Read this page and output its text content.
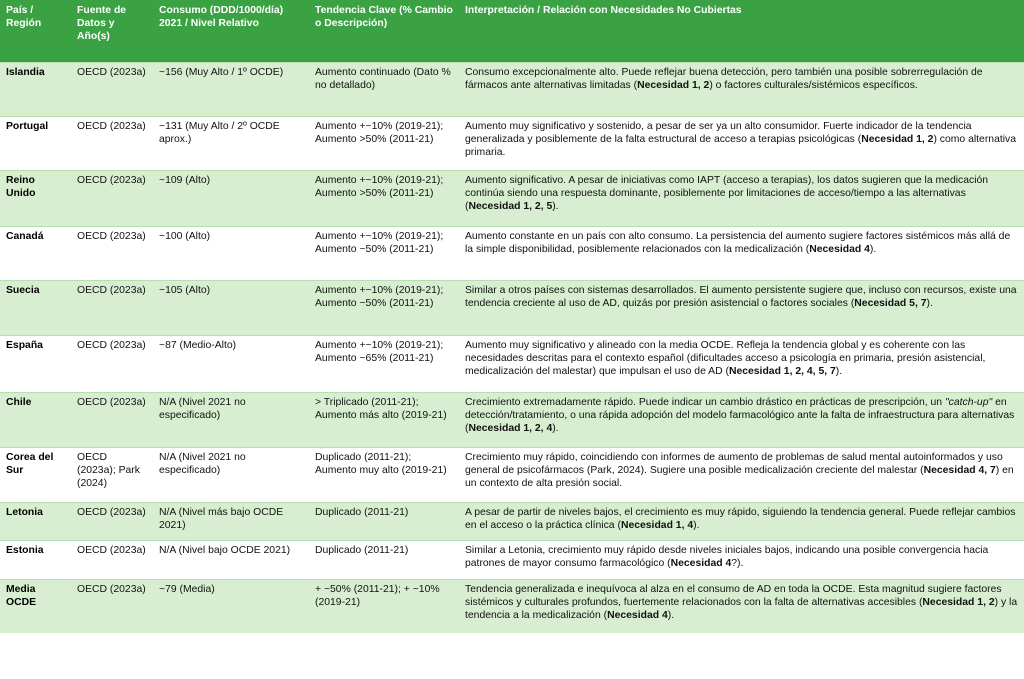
País / Región	Fuente de Datos y Año(s)	Consumo (DDD/1000/día) 2021 / Nivel Relativo	Tendencia Clave (% Cambio o Descripción)	Interpretación / Relación con Necesidades No Cubiertas
Islandia	OECD (2023a)	~156 (Muy Alto / 1º OCDE)	Aumento continuado (Dato % no detallado)	Consumo excepcionalmente alto. Puede reflejar buena detección, pero también una posible sobrerregulación de fármacos ante alternativas limitadas (Necesidad 1, 2) o factores culturales/sistémicos específicos.
Portugal	OECD (2023a)	~131 (Muy Alto / 2º OCDE aprox.)	Aumento +~10% (2019-21); Aumento >50% (2011-21)	Aumento muy significativo y sostenido, a pesar de ser ya un alto consumidor. Fuerte indicador de la tendencia generalizada y posiblemente de la falta estructural de acceso a terapias psicológicas (Necesidad 1, 2) como alternativa primaria.
Reino Unido	OECD (2023a)	~109 (Alto)	Aumento +~10% (2019-21); Aumento >50% (2011-21)	Aumento significativo. A pesar de iniciativas como IAPT (acceso a terapias), los datos sugieren que la medicación continúa siendo una respuesta dominante, posiblemente por limitaciones de acceso/tiempo a las alternativas (Necesidad 1, 2, 5).
Canadá	OECD (2023a)	~100 (Alto)	Aumento +~10% (2019-21); Aumento ~50% (2011-21)	Aumento constante en un país con alto consumo. La persistencia del aumento sugiere factores sistémicos más allá de la simple disponibilidad, posiblemente relacionados con la medicalización (Necesidad 4).
Suecia	OECD (2023a)	~105 (Alto)	Aumento +~10% (2019-21); Aumento ~50% (2011-21)	Similar a otros países con sistemas desarrollados. El aumento persistente sugiere que, incluso con recursos, existe una tendencia creciente al uso de AD, quizás por presión asistencial o factores sociales (Necesidad 5, 7).
España	OECD (2023a)	~87 (Medio-Alto)	Aumento +~10% (2019-21); Aumento ~65% (2011-21)	Aumento muy significativo y alineado con la media OCDE. Refleja la tendencia global y es coherente con las necesidades descritas para el contexto español (dificultades acceso a psicología en primaria, presión asistencial, medicalización del malestar) que impulsan el uso de AD (Necesidad 1, 2, 4, 5, 7).
Chile	OECD (2023a)	N/A (Nivel 2021 no especificado)	> Triplicado (2011-21); Aumento más alto (2019-21)	Crecimiento extremadamente rápido. Puede indicar un cambio drástico en prácticas de prescripción, un "catch-up" en detección/tratamiento, o una rápida adopción del modelo farmacológico ante la falta de infraestructura para alternativas (Necesidad 1, 2, 4).
Corea del Sur	OECD (2023a); Park (2024)	N/A (Nivel 2021 no especificado)	Duplicado (2011-21); Aumento muy alto (2019-21)	Crecimiento muy rápido, coincidiendo con informes de aumento de problemas de salud mental autoinformados y uso general de psicofármacos (Park, 2024). Sugiere una posible medicalización creciente del malestar (Necesidad 4, 7) en un contexto de alta presión social.
Letonia	OECD (2023a)	N/A (Nivel más bajo OCDE 2021)	Duplicado (2011-21)	A pesar de partir de niveles bajos, el crecimiento es muy rápido, siguiendo la tendencia general. Puede reflejar cambios en el acceso o la práctica clínica (Necesidad 1, 4).
Estonia	OECD (2023a)	N/A (Nivel bajo OCDE 2021)	Duplicado (2011-21)	Similar a Letonia, crecimiento muy rápido desde niveles iniciales bajos, indicando una posible convergencia hacia patrones de mayor consumo farmacológico (Necesidad 4?).
Media OCDE	OECD (2023a)	~79 (Media)	+ ~50% (2011-21); + ~10% (2019-21)	Tendencia generalizada e inequívoca al alza en el consumo de AD en toda la OCDE. Esta magnitud sugiere factores sistémicos y culturales profundos, fuertemente relacionados con la falta de alternativas accesibles (Necesidad 1, 2) y la tendencia a la medicalización (Necesidad 4).
